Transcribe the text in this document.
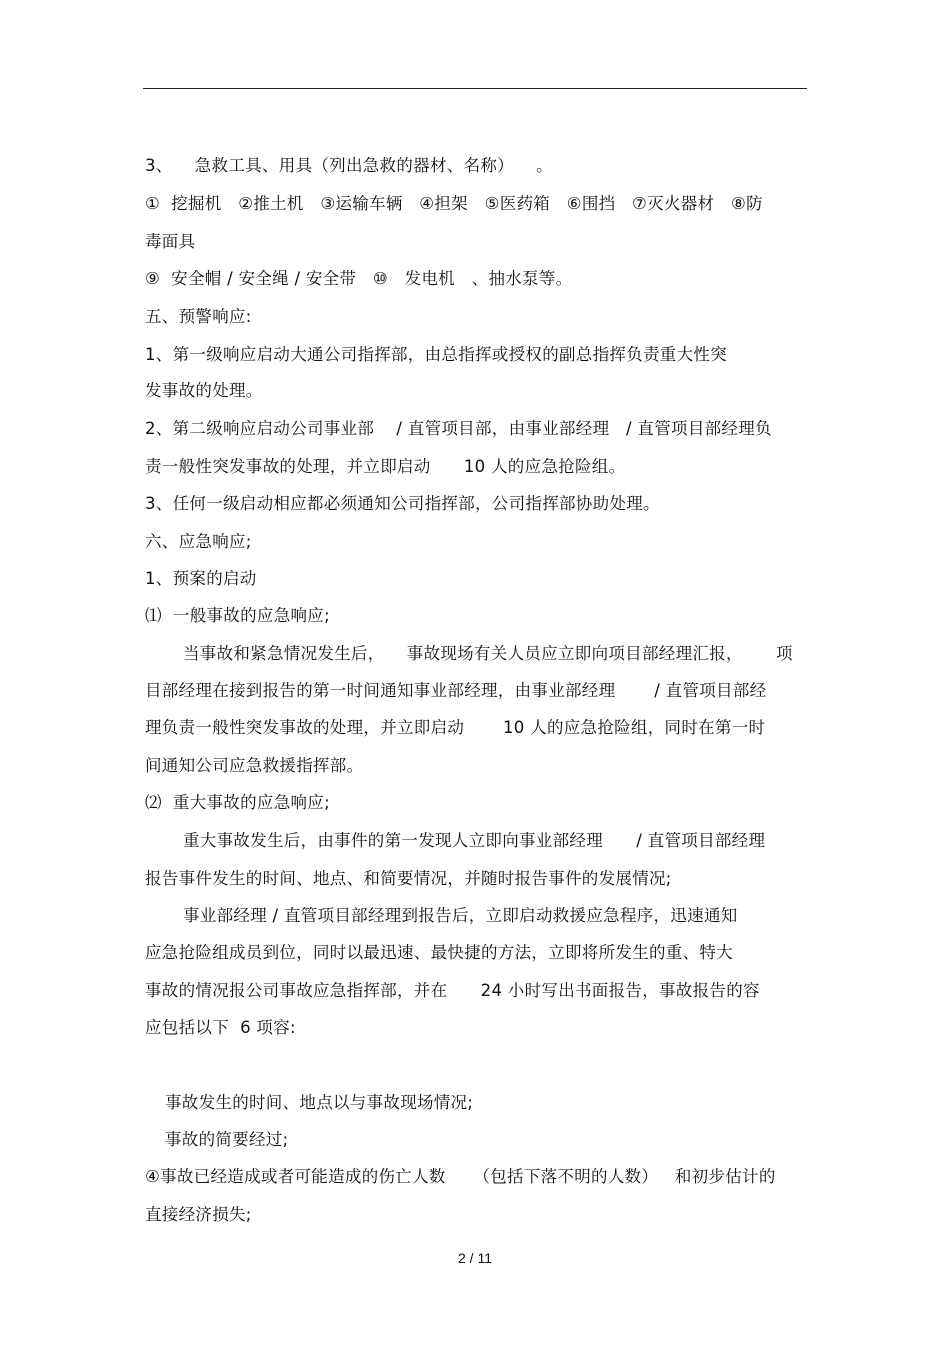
3、    急救工具、用具（列出急救的器材、名称）    。
①  挖掘机   ②推土机   ③运输车辆   ④担架   ⑤医药箱   ⑥围挡   ⑦灭火器材   ⑧防
毒面具
⑨  安全帽 / 安全绳 / 安全带   ⑩   发电机   、抽水泵等。
五、预警响应:
1、第一级响应启动大通公司指挥部，由总指挥或授权的副总指挥负责重大性突
发事故的处理。
2、第二级响应启动公司事业部    / 直管项目部，由事业部经理   / 直管项目部经理负
责一般性突发事故的处理，并立即启动      10 人的应急抢险组。
3、任何一级启动相应都必须通知公司指挥部，公司指挥部协助处理。
六、应急响应;
1、预案的启动
⑴  一般事故的应急响应;
当事故和紧急情况发生后，    事故现场有关人员应立即向项目部经理汇报，      项
目部经理在接到报告的第一时间通知事业部经理，由事业部经理       / 直管项目部经
理负责一般性突发事故的处理，并立即启动       10 人的应急抢险组，同时在第一时
间通知公司应急救援指挥部。
⑵  重大事故的应急响应;
重大事故发生后，由事件的第一发现人立即向事业部经理      / 直管项目部经理
报告事件发生的时间、地点、和简要情况，并随时报告事件的发展情况;
事业部经理 / 直管项目部经理到报告后，立即启动救援应急程序，迅速通知
应急抢险组成员到位，同时以最迅速、最快捷的方法，立即将所发生的重、特大
事故的情况报公司事故应急指挥部，并在      24 小时写出书面报告，事故报告的容
应包括以下  6 项容:
事故发生的时间、地点以与事故现场情况;
事故的简要经过;
④事故已经造成或者可能造成的伤亡人数     （包括下落不明的人数）   和初步估计的
直接经济损失;
2 / 11
